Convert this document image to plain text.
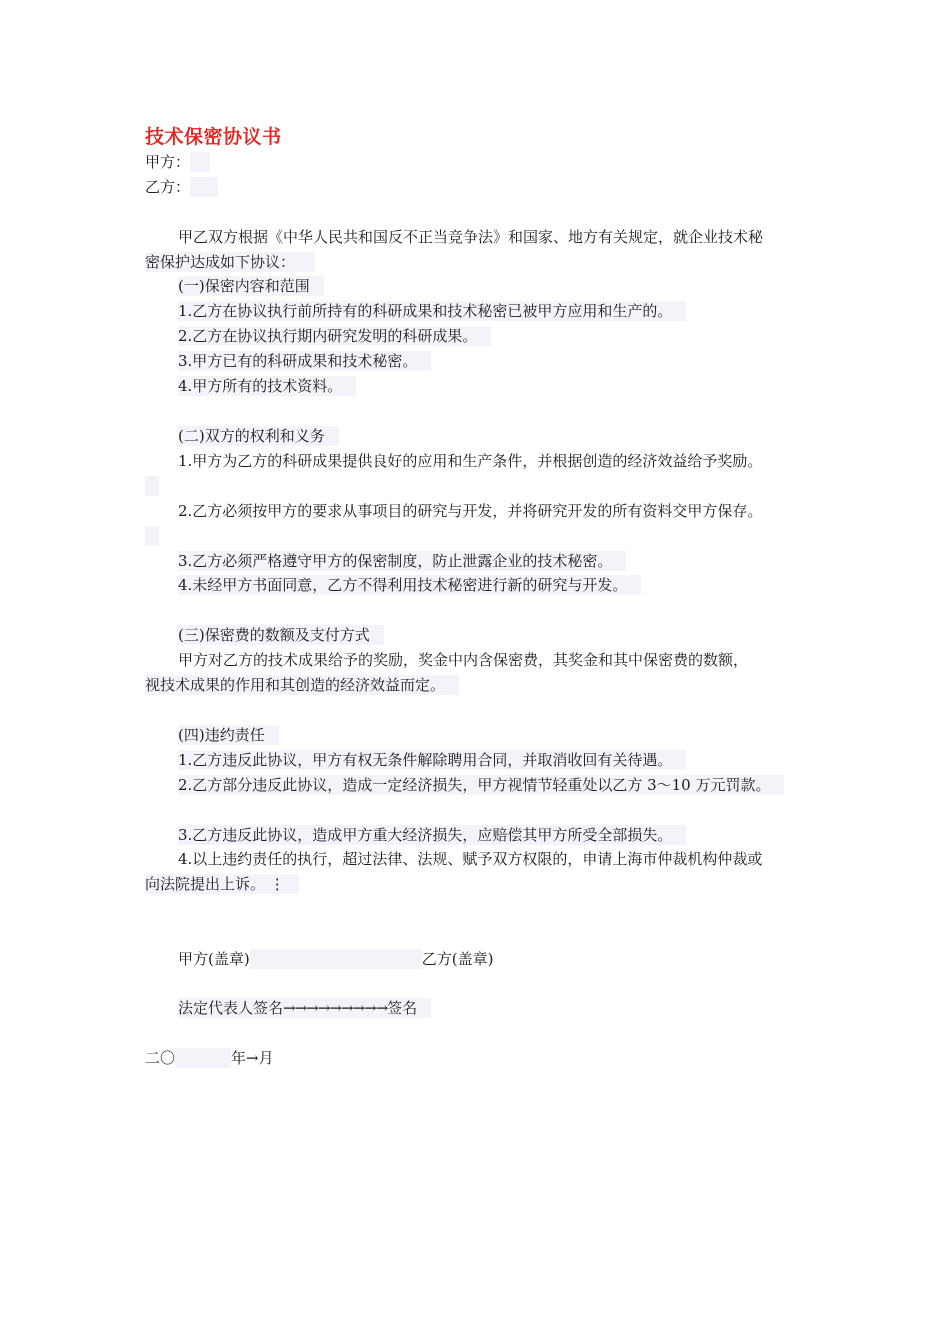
技术保密协议书
甲方：
乙方：
甲乙双方根据《中华人民共和国反不正当竞争法》和国家、地方有关规定，就企业技术秘
密保护达成如下协议：
(一)保密内容和范围
1.乙方在协议执行前所持有的科研成果和技术秘密已被甲方应用和生产的。
2.乙方在协议执行期内研究发明的科研成果。
3.甲方已有的科研成果和技术秘密。
4.甲方所有的技术资料。
(二)双方的权利和义务
1.甲方为乙方的科研成果提供良好的应用和生产条件，并根据创造的经济效益给予奖励。
2.乙方必须按甲方的要求从事项目的研究与开发，并将研究开发的所有资料交甲方保存。
3.乙方必须严格遵守甲方的保密制度，防止泄露企业的技术秘密。
4.未经甲方书面同意，乙方不得利用技术秘密进行新的研究与开发。
(三)保密费的数额及支付方式
甲方对乙方的技术成果给予的奖励，奖金中内含保密费，其奖金和其中保密费的数额，
视技术成果的作用和其创造的经济效益而定。
(四)违约责任
1.乙方违反此协议，甲方有权无条件解除聘用合同，并取消收回有关待遇。
2.乙方部分违反此协议，造成一定经济损失，甲方视情节轻重处以乙方 3～10 万元罚款。
3.乙方违反此协议，造成甲方重大经济损失，应赔偿其甲方所受全部损失。
4.以上违约责任的执行，超过法律、法规、赋予双方权限的，申请上海市仲裁机构仲裁或
向法院提出上诉。 ⋮
甲方(盖章)	乙方(盖章)
法定代表人签名→→→→→→→→→签名
二〇	年→月
